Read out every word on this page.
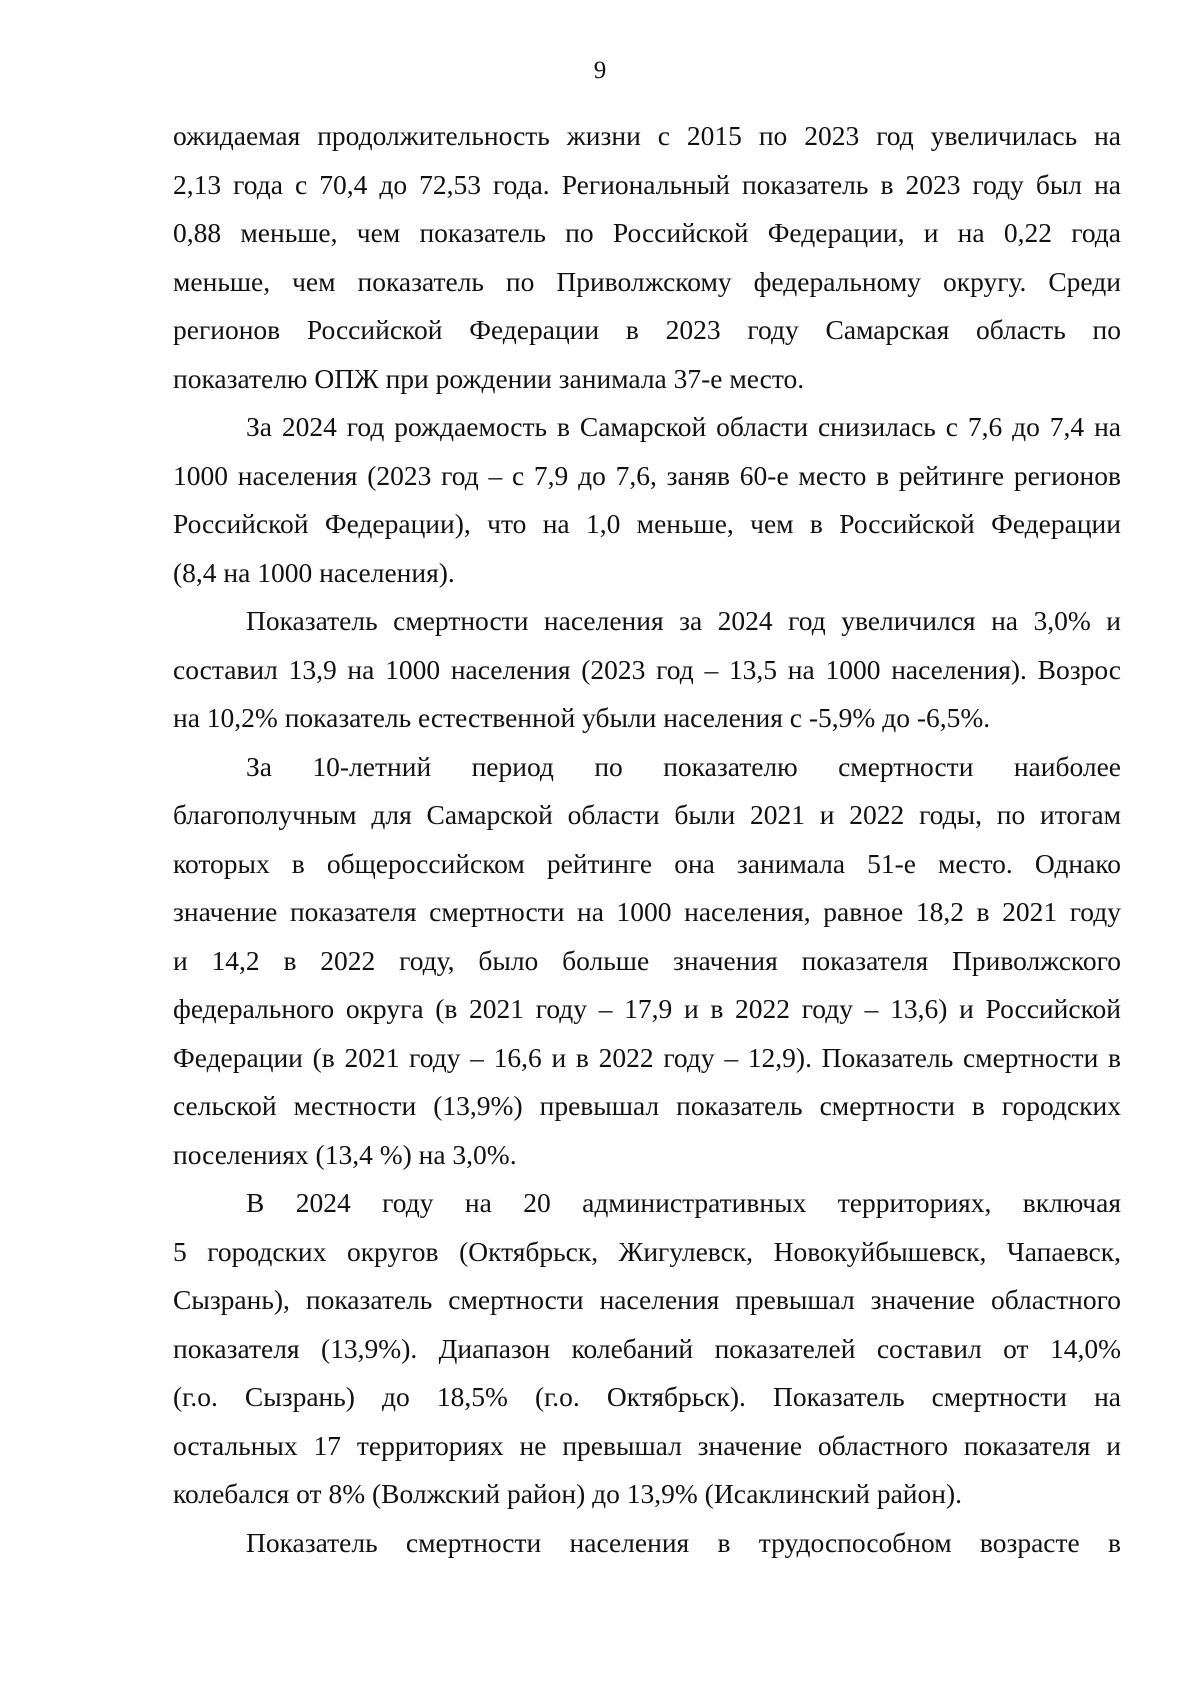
9
ожидаемая продолжительность жизни с 2015 по 2023 год увеличилась на
2,13 года с 70,4 до 72,53 года. Региональный показатель в 2023 году был на
0,88 меньше, чем показатель по Российской Федерации, и на 0,22 года
меньше, чем показатель по Приволжскому федеральному округу. Среди
регионов Российской Федерации в 2023 году Самарская область по
показателю ОПЖ при рождении занимала 37-е место.
За 2024 год рождаемость в Самарской области снизилась с 7,6 до 7,4 на
1000 населения (2023 год – с 7,9 до 7,6, заняв 60-е место в рейтинге регионов
Российской Федерации), что на 1,0 меньше, чем в Российской Федерации
(8,4 на 1000 населения).
Показатель смертности населения за 2024 год увеличился на 3,0% и
составил 13,9 на 1000 населения (2023 год – 13,5 на 1000 населения). Возрос
на 10,2% показатель естественной убыли населения с -5,9% до -6,5%.
За 10-летний период по показателю смертности наиболее
благополучным для Самарской области были 2021 и 2022 годы, по итогам
которых в общероссийском рейтинге она занимала 51-е место. Однако
значение показателя смертности на 1000 населения, равное 18,2 в 2021 году
и 14,2 в 2022 году, было больше значения показателя Приволжского
федерального округа (в 2021 году – 17,9 и в 2022 году – 13,6) и Российской
Федерации (в 2021 году – 16,6 и в 2022 году – 12,9). Показатель смертности в
сельской местности (13,9%) превышал показатель смертности в городских
поселениях (13,4 %) на 3,0%.
В 2024 году на 20 административных территориях, включая
5 городских округов (Октябрьск, Жигулевск, Новокуйбышевск, Чапаевск,
Сызрань), показатель смертности населения превышал значение областного
показателя (13,9%). Диапазон колебаний показателей составил от 14,0%
(г.о. Сызрань) до 18,5% (г.о. Октябрьск). Показатель смертности на
остальных 17 территориях не превышал значение областного показателя и
колебался от 8% (Волжский район) до 13,9% (Исаклинский район).
Показатель смертности населения в трудоспособном возрасте в
